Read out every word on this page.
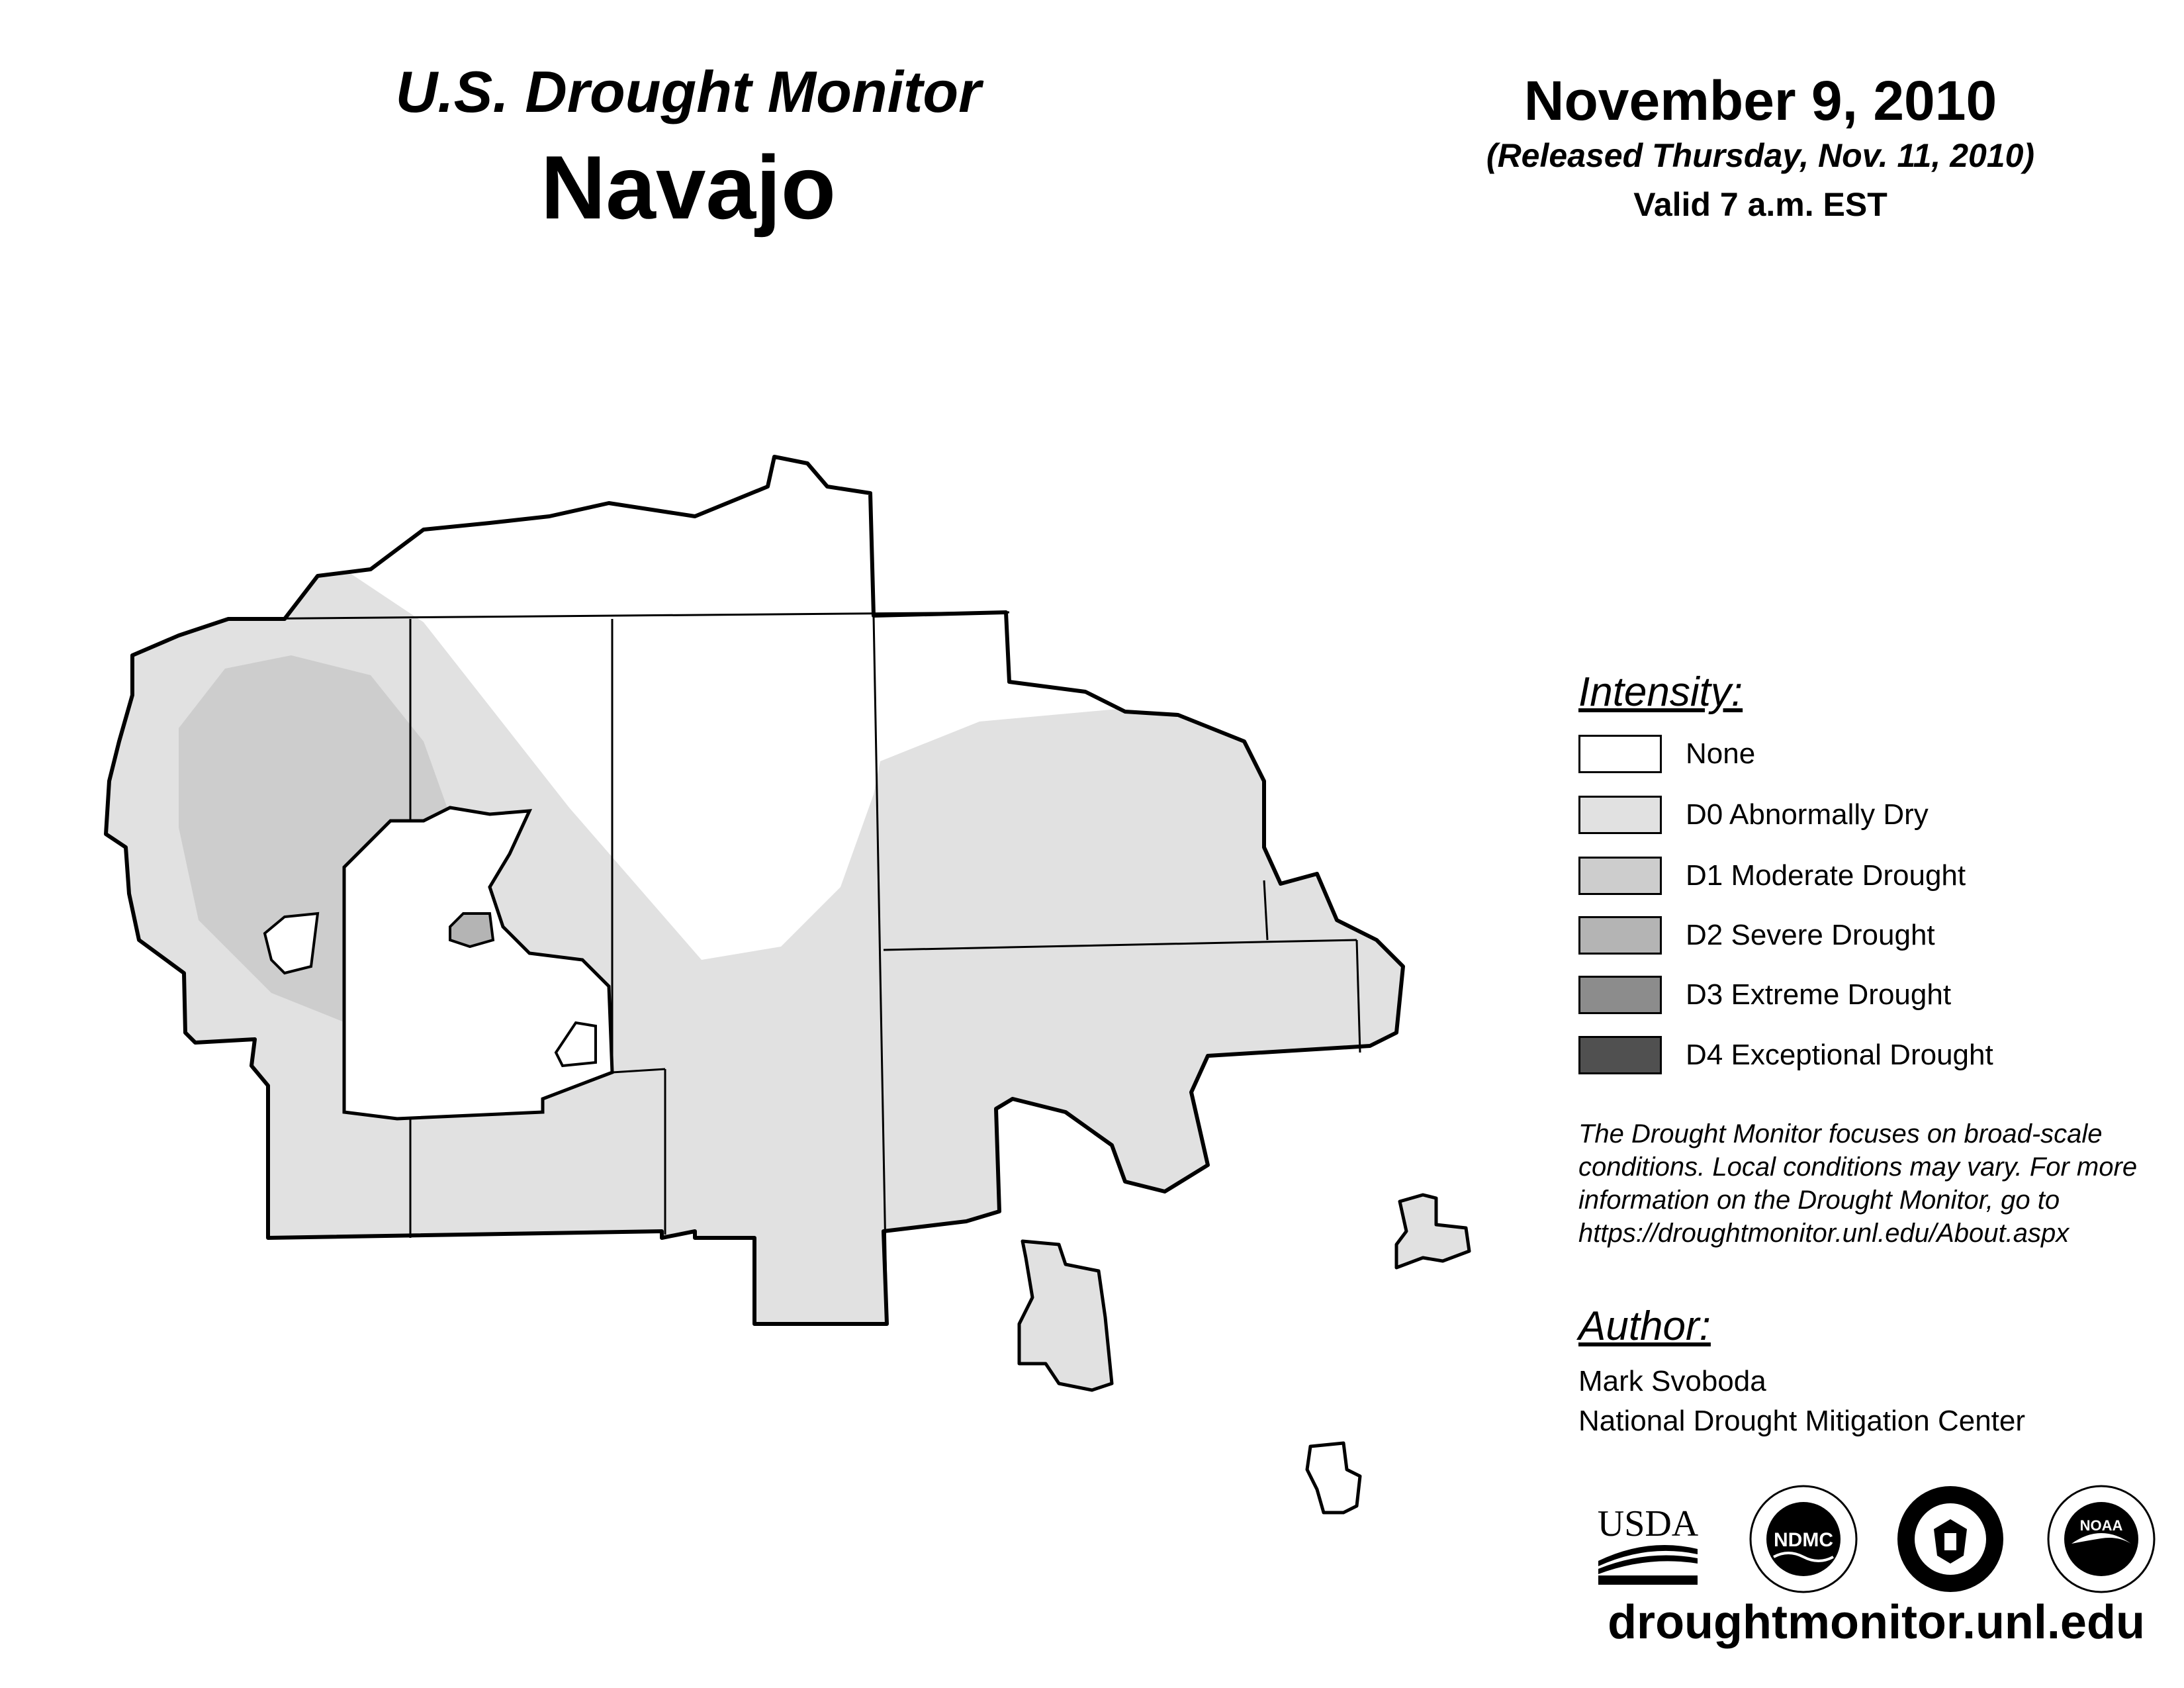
U.S. Drought Monitor
Navajo
November 9, 2010
(Released Thursday, Nov. 11, 2010)
Valid 7 a.m. EST
Intensity:
None
D0 Abnormally Dry
D1 Moderate Drought
D2 Severe Drought
D3 Extreme Drought
D4 Exceptional Drought
The Drought Monitor focuses on broad-scale conditions. Local conditions may vary. For more information on the Drought Monitor, go to https://droughtmonitor.unl.edu/About.aspx
Author:
Mark Svoboda
National Drought Mitigation Center
USDA	NDMC
NOAA
droughtmonitor.unl.edu
